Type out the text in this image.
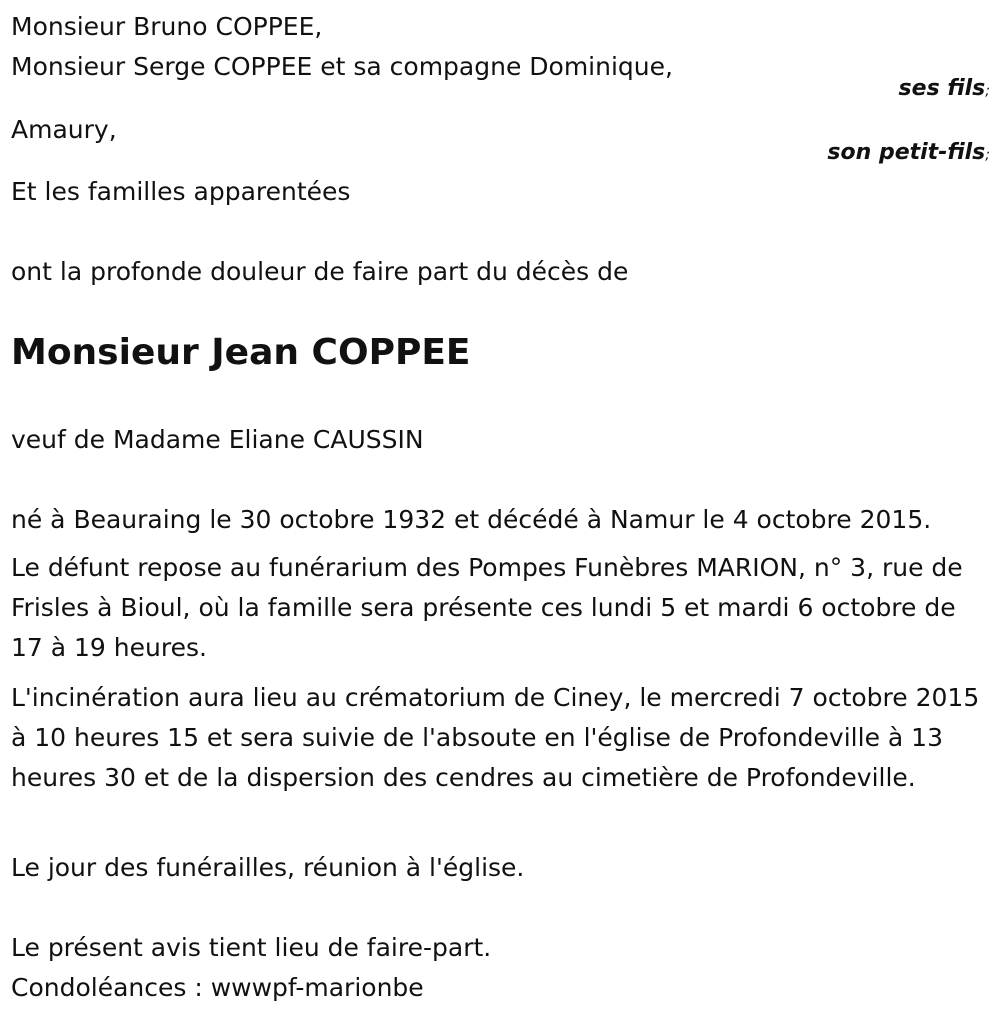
Monsieur Bruno COPPEE,
Monsieur Serge COPPEE et sa compagne Dominique,
ses fils;
Amaury,
son petit-fils;
Et les familles apparentées
ont la profonde douleur de faire part du décès de
Monsieur Jean COPPEE
veuf de Madame Eliane CAUSSIN
né à Beauraing le 30 octobre 1932 et décédé à Namur le 4 octobre 2015.
Le défunt repose au funérarium des Pompes Funèbres MARION, n° 3, rue de Frisles à Bioul, où la famille sera présente ces lundi 5 et mardi 6 octobre de 17 à 19 heures.
L'incinération aura lieu au crématorium de Ciney, le mercredi 7 octobre 2015 à 10 heures 15 et sera suivie de l'absoute en l'église de Profondeville à 13 heures 30 et de la dispersion des cendres au cimetière de Profondeville.
Le jour des funérailles, réunion à l'église.
Le présent avis tient lieu de faire-part.
Condoléances : wwwpf-marionbe
